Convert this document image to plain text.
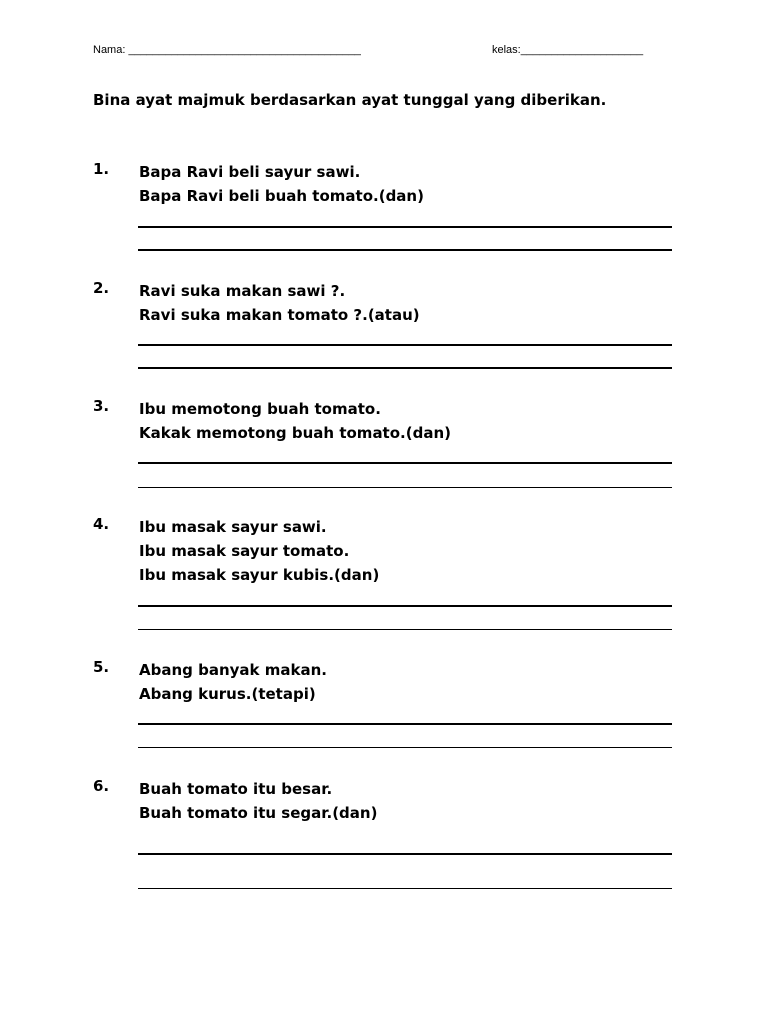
Nama: ______________________________________	kelas:____________________
Bina ayat majmuk berdasarkan ayat tunggal yang diberikan.
1. Bapa Ravi beli sayur sawi.
Bapa Ravi beli buah tomato.(dan)
2. Ravi suka makan sawi ?.
Ravi suka makan tomato ?.(atau)
3. Ibu memotong buah tomato.
Kakak memotong buah tomato.(dan)
4. Ibu masak sayur sawi.
Ibu masak sayur tomato.
Ibu masak sayur kubis.(dan)
5. Abang banyak makan.
Abang kurus.(tetapi)
6. Buah tomato itu besar.
Buah tomato itu segar.(dan)
